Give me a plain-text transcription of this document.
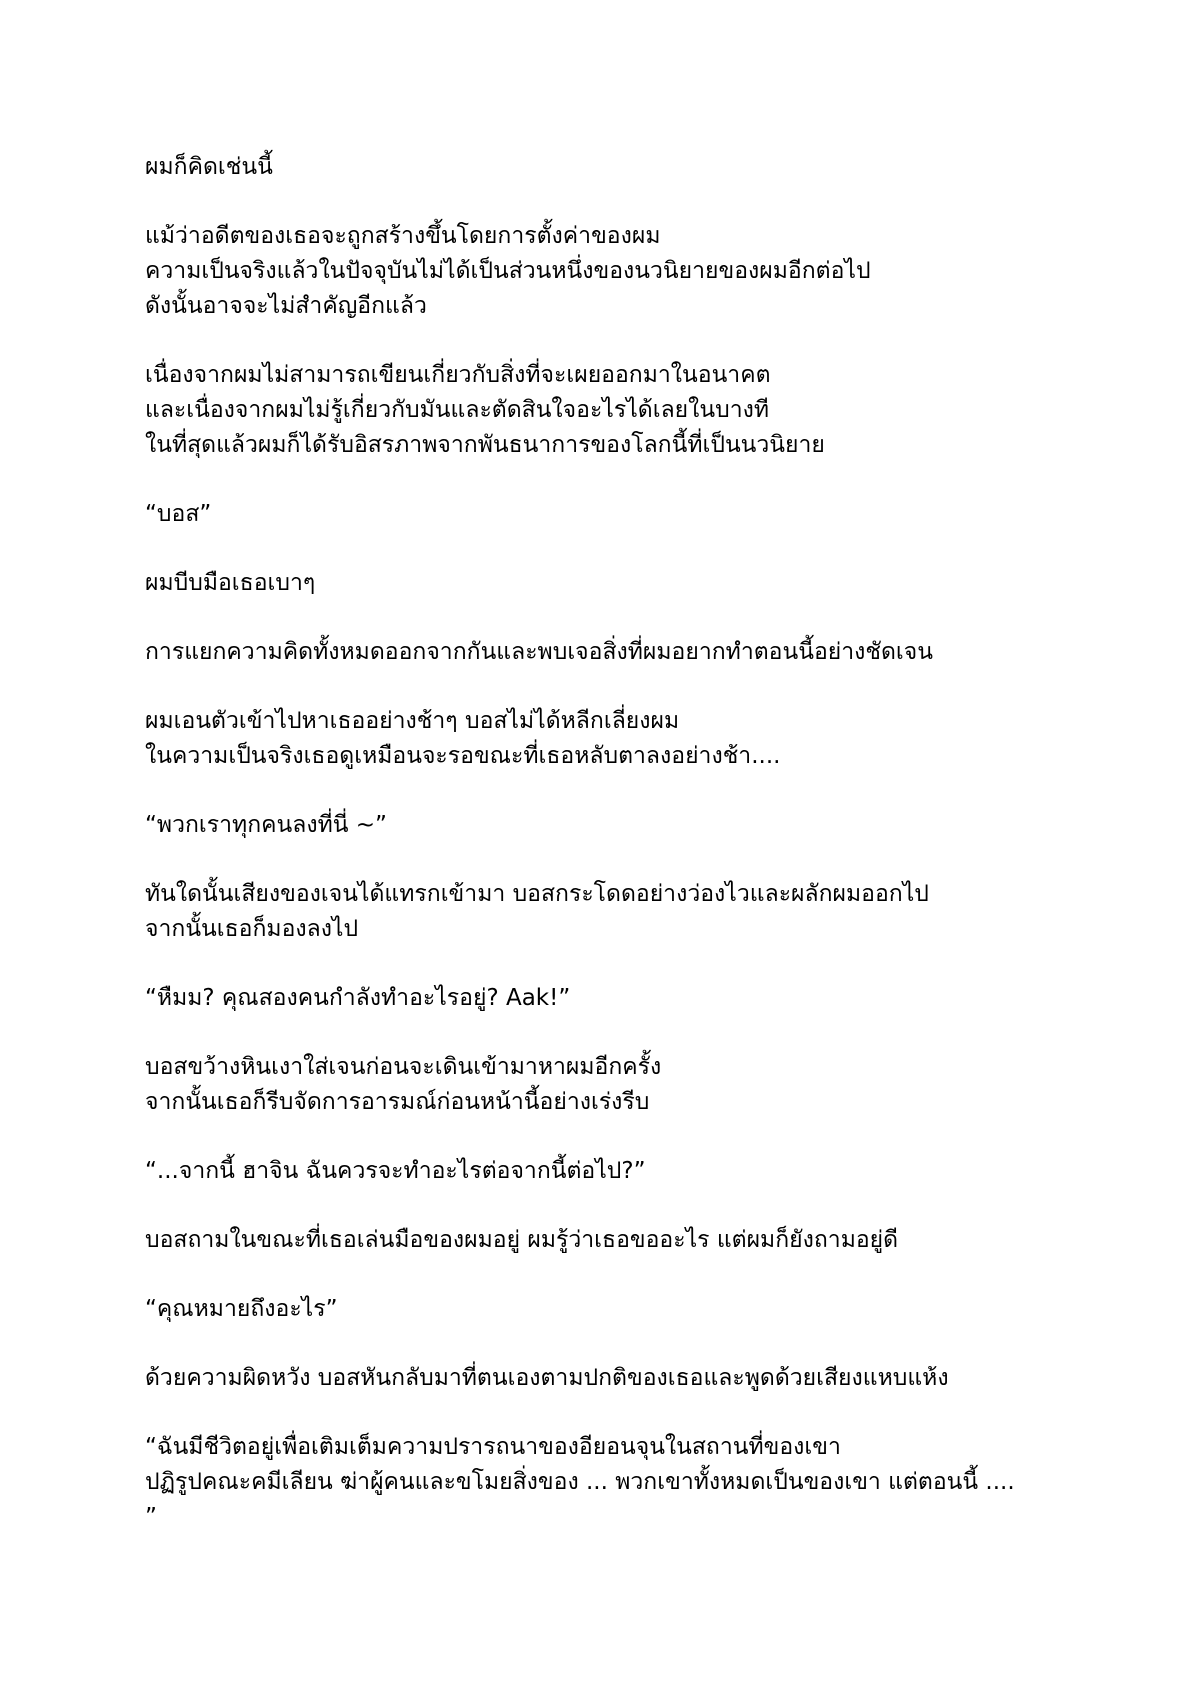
ผมก็คิดเช่นนี้

แม้ว่าอดีตของเธอจะถูกสร้างขึ้นโดยการตั้งค่าของผม
ความเป็นจริงแล้วในปัจจุบันไม่ได้เป็นส่วนหนึ่งของนวนิยายของผมอีกต่อไป
ดังนั้นอาจจะไม่สำคัญอีกแล้ว

เนื่องจากผมไม่สามารถเขียนเกี่ยวกับสิ่งที่จะเผยออกมาในอนาคต
และเนื่องจากผมไม่รู้เกี่ยวกับมันและตัดสินใจอะไรได้เลยในบางที
ในที่สุดแล้วผมก็ได้รับอิสรภาพจากพันธนาการของโลกนี้ที่เป็นนวนิยาย

“บอส”

ผมบีบมือเธอเบาๆ

การแยกความคิดทั้งหมดออกจากกันและพบเจอสิ่งที่ผมอยากทำตอนนี้อย่างชัดเจน

ผมเอนตัวเข้าไปหาเธออย่างช้าๆ บอสไม่ได้หลีกเลี่ยงผม
ในความเป็นจริงเธอดูเหมือนจะรอขณะที่เธอหลับตาลงอย่างช้า....

“พวกเราทุกคนลงที่นี่ ~”

ทันใดนั้นเสียงของเจนได้แทรกเข้ามา บอสกระโดดอย่างว่องไวและผลักผมออกไป
จากนั้นเธอก็มองลงไป

“หืมม? คุณสองคนกำลังทำอะไรอยู่? Aak!”

บอสขว้างหินเงาใส่เจนก่อนจะเดินเข้ามาหาผมอีกครั้ง
จากนั้นเธอก็รีบจัดการอารมณ์ก่อนหน้านี้อย่างเร่งรีบ

“...จากนี้ ฮาจิน ฉันควรจะทำอะไรต่อจากนี้ต่อไป?”

บอสถามในขณะที่เธอเล่นมือของผมอยู่ ผมรู้ว่าเธอขออะไร แต่ผมก็ยังถามอยู่ดี

“คุณหมายถึงอะไร”

ด้วยความผิดหวัง บอสหันกลับมาที่ตนเองตามปกติของเธอและพูดด้วยเสียงแหบแห้ง

“ฉันมีชีวิตอยู่เพื่อเติมเต็มความปรารถนาของอียอนจุนในสถานที่ของเขา
ปฏิรูปคณะคมีเลียน ฆ่าผู้คนและขโมยสิ่งของ ... พวกเขาทั้งหมดเป็นของเขา แต่ตอนนี้ ....
”
